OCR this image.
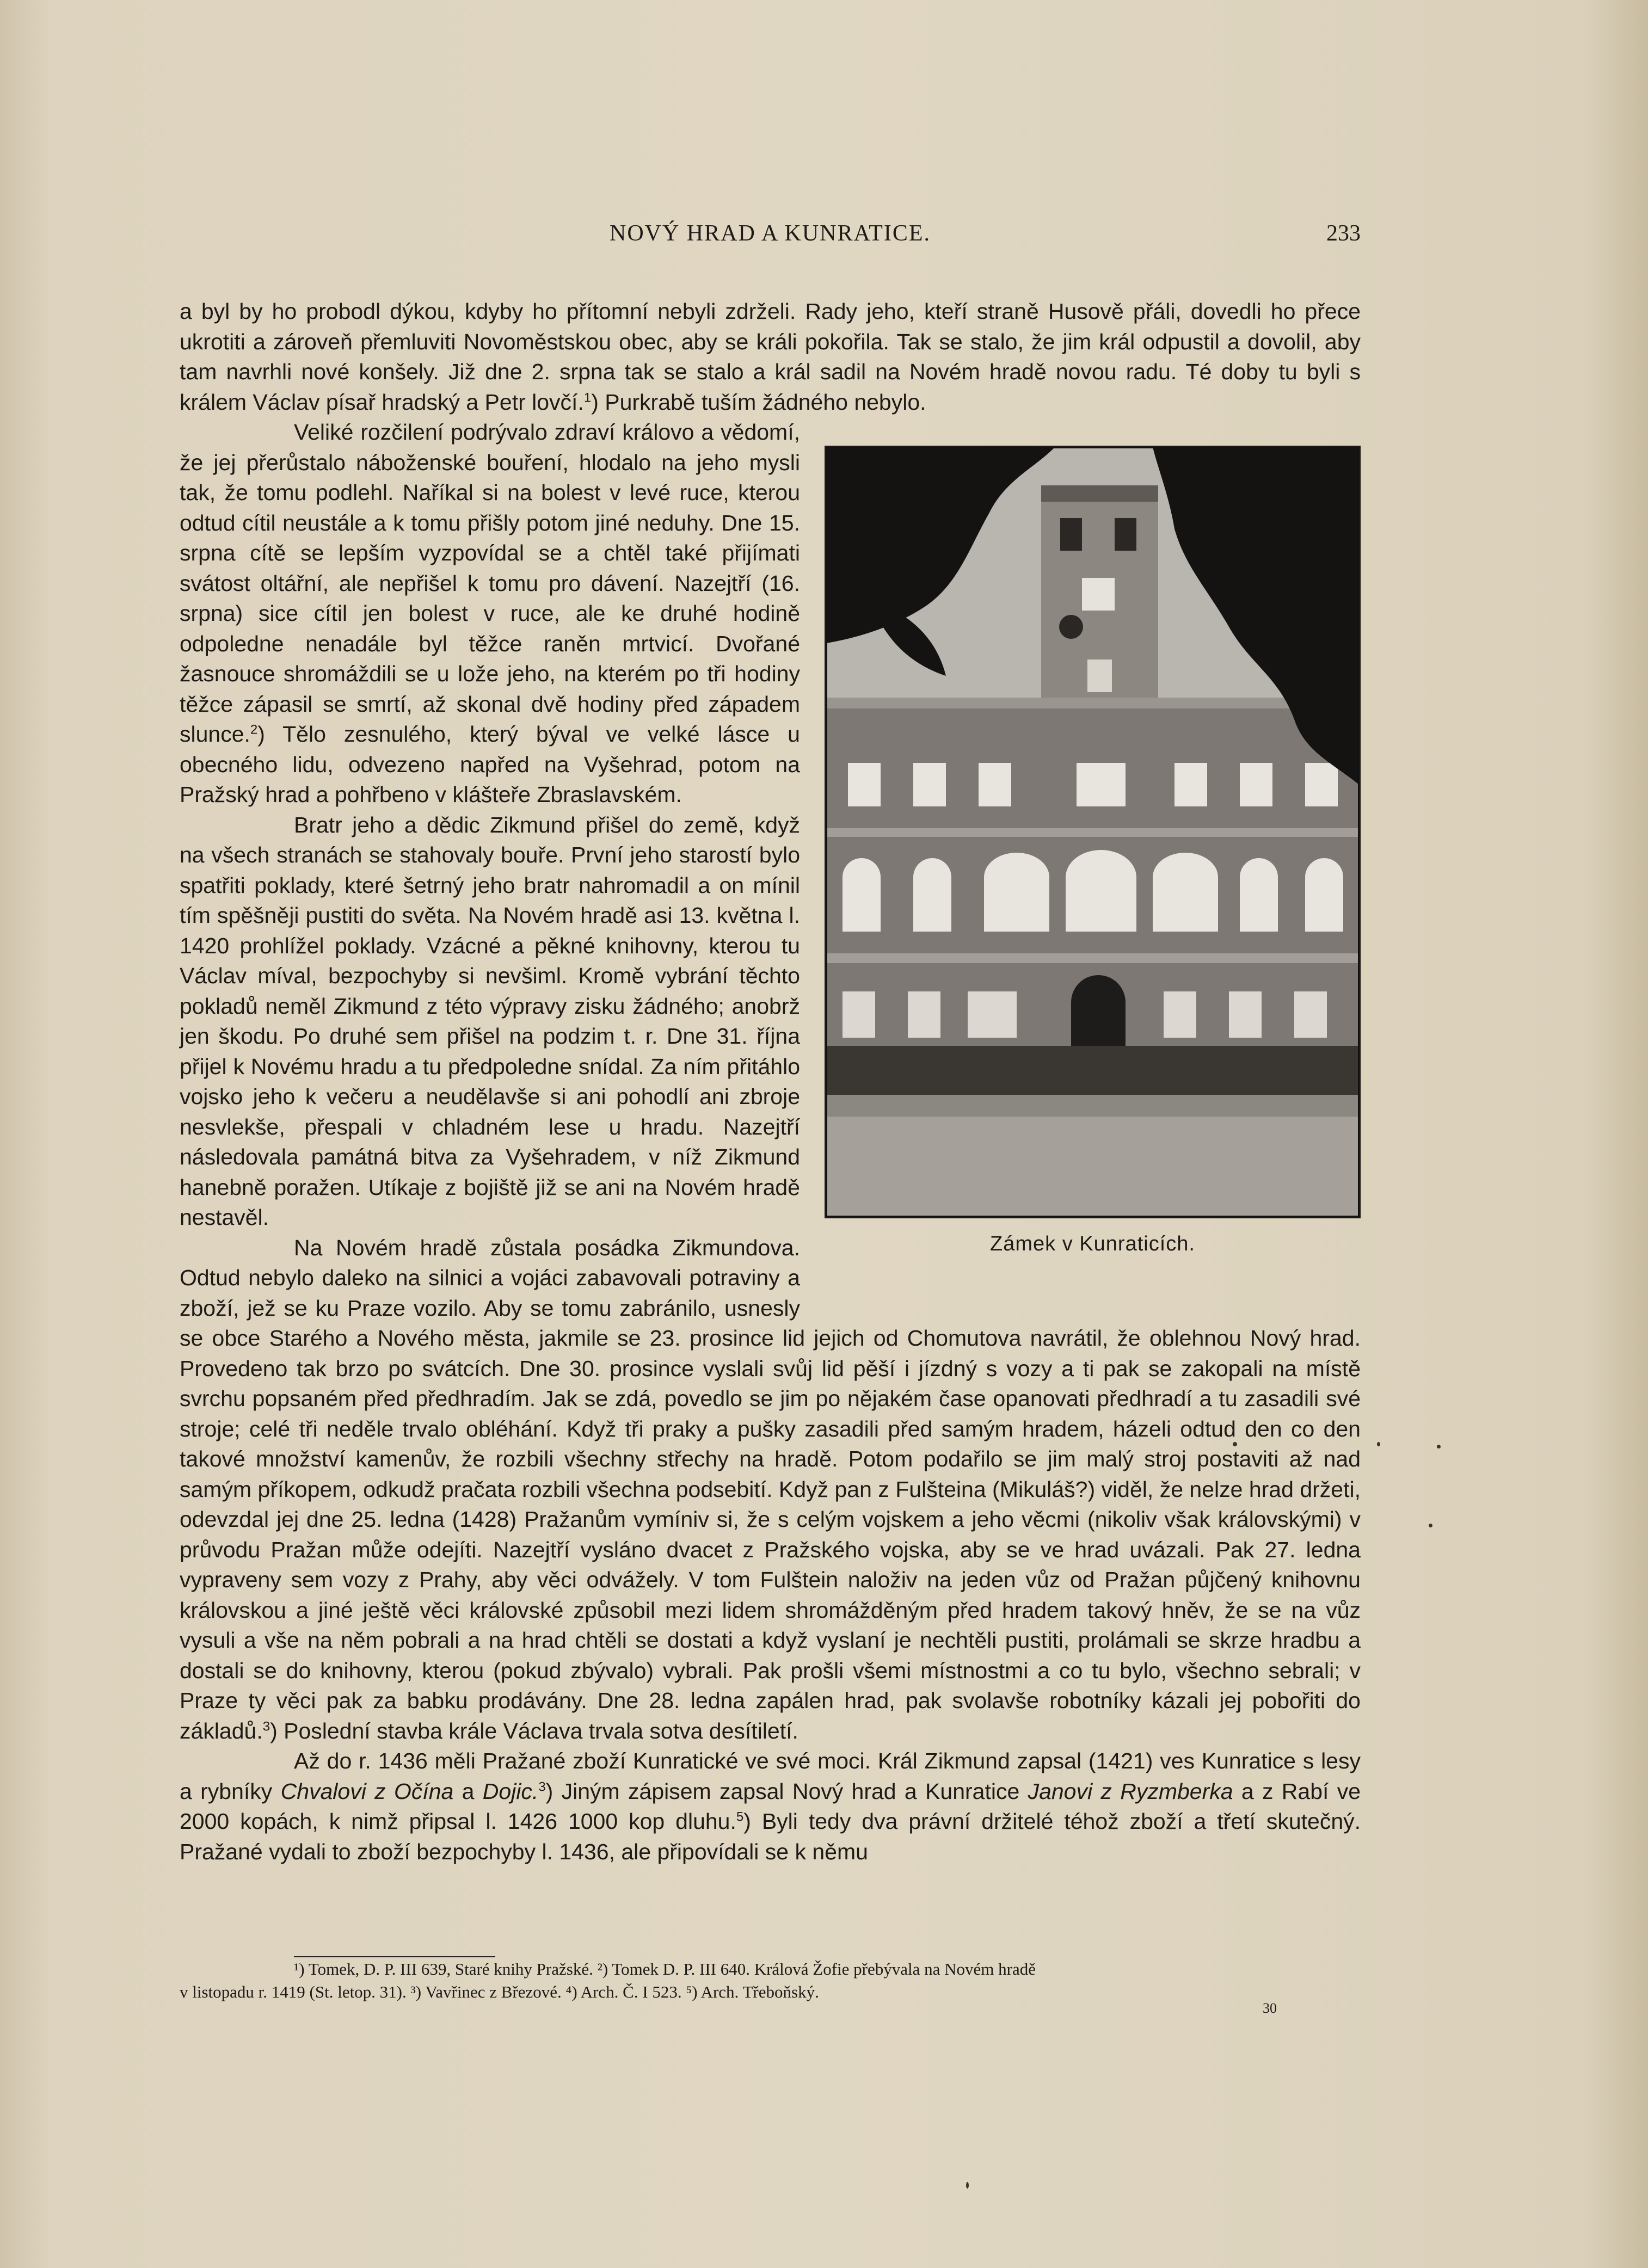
NOVÝ HRAD A KUNRATICE.	233

a byl by ho probodl dýkou, kdyby ho přítomní nebyli zdrželi. Rady jeho, kteří straně Husově přáli, dovedli ho přece ukrotiti a zároveň přemluviti Novoměstskou obec, aby se králi pokořila. Tak se stalo, že jim král odpustil a dovolil, aby tam navrhli nové konšely. Již dne 2. srpna tak se stalo a král sadil na Novém hradě novou radu. Té doby tu byli s králem Václav písař hradský a Petr lovčí.$^1$) Purkrabě tuším žádného nebylo.

Zámek v Kunraticích.

Veliké rozčilení podrývalo zdraví královo a vědomí, že jej přerůstalo náboženské bouření, hlodalo na jeho mysli tak, že tomu podlehl. Naříkal si na bolest v levé ruce, kterou odtud cítil neustále a k tomu přišly potom jiné neduhy. Dne 15. srpna cítě se lepším vyzpovídal se a chtěl také přijímati svátost oltářní, ale nepřišel k tomu pro dávení. Nazejtří (16. srpna) sice cítil jen bolest v ruce, ale ke druhé hodině odpoledne nenadále byl těžce raněn mrtvicí. Dvořané žasnouce shromáždili se u lože jeho, na kterém po tři hodiny těžce zápasil se smrtí, až skonal dvě hodiny před západem slunce.$^2$) Tělo zesnulého, který býval ve velké lásce u obecného lidu, odvezeno napřed na Vyšehrad, potom na Pražský hrad a pohřbeno v klášteře Zbraslavském.

Bratr jeho a dědic Zikmund přišel do země, když na všech stranách se stahovaly bouře. První jeho starostí bylo spatřiti poklady, které šetrný jeho bratr nahromadil a on mínil tím spěšněji pustiti do světa. Na Novém hradě asi 13. května l. 1420 prohlížel poklady. Vzácné a pěkné knihovny, kterou tu Václav míval, bezpochyby si nevšiml. Kromě vybrání těchto pokladů neměl Zikmund z této výpravy zisku žádného; anobrž jen škodu. Po druhé sem přišel na podzim t. r. Dne 31. října přijel k Novému hradu a tu předpoledne snídal. Za ním přitáhlo vojsko jeho k večeru a neudělavše si ani pohodlí ani zbroje nesvlekše, přespali v chladném lese u hradu. Nazejtří následovala památná bitva za Vyšehradem, v níž Zikmund hanebně poražen. Utíkaje z bojiště již se ani na Novém hradě nestavěl.

Na Novém hradě zůstala posádka Zikmundova. Odtud nebylo daleko na silnici a vojáci zabavovali potraviny a zboží, jež se ku Praze vozilo. Aby se tomu zabránilo, usnesly se obce Starého a Nového města, jakmile se 23. prosince lid jejich od Chomutova navrátil, že oblehnou Nový hrad. Provedeno tak brzo po svátcích. Dne 30. prosince vyslali svůj lid pěší i jízdný s vozy a ti pak se zakopali na místě svrchu popsaném před předhradím. Jak se zdá, povedlo se jim po nějakém čase opanovati předhradí a tu zasadili své stroje; celé tři neděle trvalo obléhání. Když tři praky a pušky zasadili před samým hradem, házeli odtud den co den takové množství kamenův, že rozbili všechny střechy na hradě. Potom podařilo se jim malý stroj postaviti až nad samým příkopem, odkudž pračata rozbili všechna podsebití. Když pan z Fulšteina (Mikuláš?) viděl, že nelze hrad držeti, odevzdal jej dne 25. ledna (1428) Pražanům vymíniv si, že s celým vojskem a jeho věcmi (nikoliv však královskými) v průvodu Pražan může odejíti. Nazejtří vysláno dvacet z Pražského vojska, aby se ve hrad uvázali. Pak 27. ledna vypraveny sem vozy z Prahy, aby věci odvážely. V tom Fulštein naloživ na jeden vůz od Pražan půjčený knihovnu královskou a jiné ještě věci královské způsobil mezi lidem shromážděným před hradem takový hněv, že se na vůz vysuli a vše na něm pobrali a na hrad chtěli se dostati a když vyslaní je nechtěli pustiti, prolámali se skrze hradbu a dostali se do knihovny, kterou (pokud zbývalo) vybrali. Pak prošli všemi místnostmi a co tu bylo, všechno sebrali; v Praze ty věci pak za babku prodávány. Dne 28. ledna zapálen hrad, pak svolavše robotníky kázali jej pobořiti do základů.$^3$) Poslední stavba krále Václava trvala sotva desítiletí.

Až do r. 1436 měli Pražané zboží Kunratické ve své moci. Král Zikmund zapsal (1421) ves Kunratice s lesy a rybníky Chvalovi z Očína a Dojic.$^3$) Jiným zápisem zapsal Nový hrad a Kunratice Janovi z Ryzmberka a z Rabí ve 2000 kopách, k nimž připsal l. 1426 1000 kop dluhu.$^5$) Byli tedy dva právní držitelé téhož zboží a třetí skutečný. Pražané vydali to zboží bezpochyby l. 1436, ale připovídali se k němu

¹) Tomek, D. P. III 639, Staré knihy Pražské. ²) Tomek D. P. III 640. Králová Žofie přebývala na Novém hradě
v listopadu r. 1419 (St. letop. 31). ³) Vavřinec z Březové. ⁴) Arch. Č. I 523. ⁵) Arch. Třeboňský.
30
